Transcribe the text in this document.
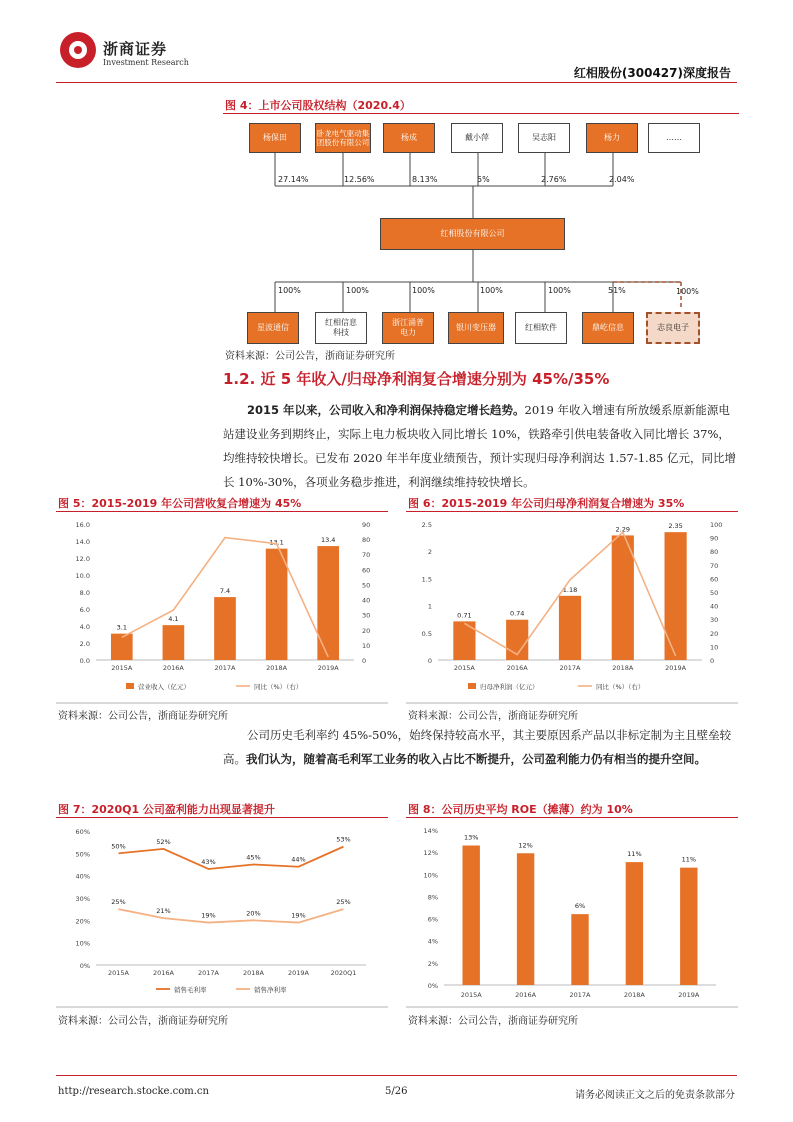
浙商证券
Investment Research
红相股份(300427)深度报告
图 4：上市公司股权结构（2020.4）
杨保田	卧龙电气驱动集团股份有限公司
杨成	戴小萍	吴志阳	杨力	……
27.14%	12.56%	8.13%	5%	2.76%	2.04%
红相股份有限公司
100%	100%	100%	100%	100%	51%	100%
星波通信
红相信息科技
浙江涌普电力
银川变压器	红相软件	鼎屹信息	志良电子
资料来源：公司公告，浙商证券研究所
1.2. 近 5 年收入/归母净利润复合增速分别为 45%/35%
2015 年以来，公司收入和净利润保持稳定增长趋势。2019 年收入增速有所放缓系原新能源电站建设业务到期终止，实际上电力板块收入同比增长 10%，铁路牵引供电装备收入同比增长 37%，均维持较快增长。已发布 2020 年半年度业绩预告，预计实现归母净利润达 1.57-1.85 亿元，同比增长 10%-30%，各项业务稳步推进，利润继续维持较快增长。
图 5：2015-2019 年公司营收复合增速为 45%	图 6：2015-2019 年公司归母净利润复合增速为 35%
0.0
2.0
4.0
6.0
8.0
10.0
12.0
14.0
16.0
0
10
20
30
40
50
60
70
80
90
3.1
2015A
4.1
2016A
7.4
2017A
13.1
2018A
13.4
2019A
营业收入（亿元）	同比（%）（右）
0
0.5
1
1.5
2
2.5
0
10
20
30
40
50
60
70
80
90
100
0.71
2015A
0.74
2016A
1.18
2017A
2.29
2018A
2.35
2019A
归母净利润（亿元）	同比（%）（右）
资料来源：公司公告，浙商证券研究所	资料来源：公司公告，浙商证券研究所
公司历史毛利率约 45%-50%，始终保持较高水平，其主要原因系产品以非标定制为主且壁垒较高。我们认为，随着高毛利军工业务的收入占比不断提升，公司盈利能力仍有相当的提升空间。
图 7：2020Q1 公司盈利能力出现显著提升	图 8：公司历史平均 ROE（摊薄）约为 10%
0%
10%
20%
30%
40%
50%
60%
2015A	2016A	2017A	2018A	2019A	2020Q1
50%
52%
43%
45%	44%
53%
25%
21%
19%	20%	19%
25%
销售毛利率	销售净利率	0%
2%
4%
6%
8%
10%
12%
14%
13%
2015A
12%
2016A
6%
2017A
11%
2018A
11%
2019A
资料来源：公司公告，浙商证券研究所	资料来源：公司公告，浙商证券研究所
http://research.stocke.com.cn	5/26	请务必阅读正文之后的免责条款部分
